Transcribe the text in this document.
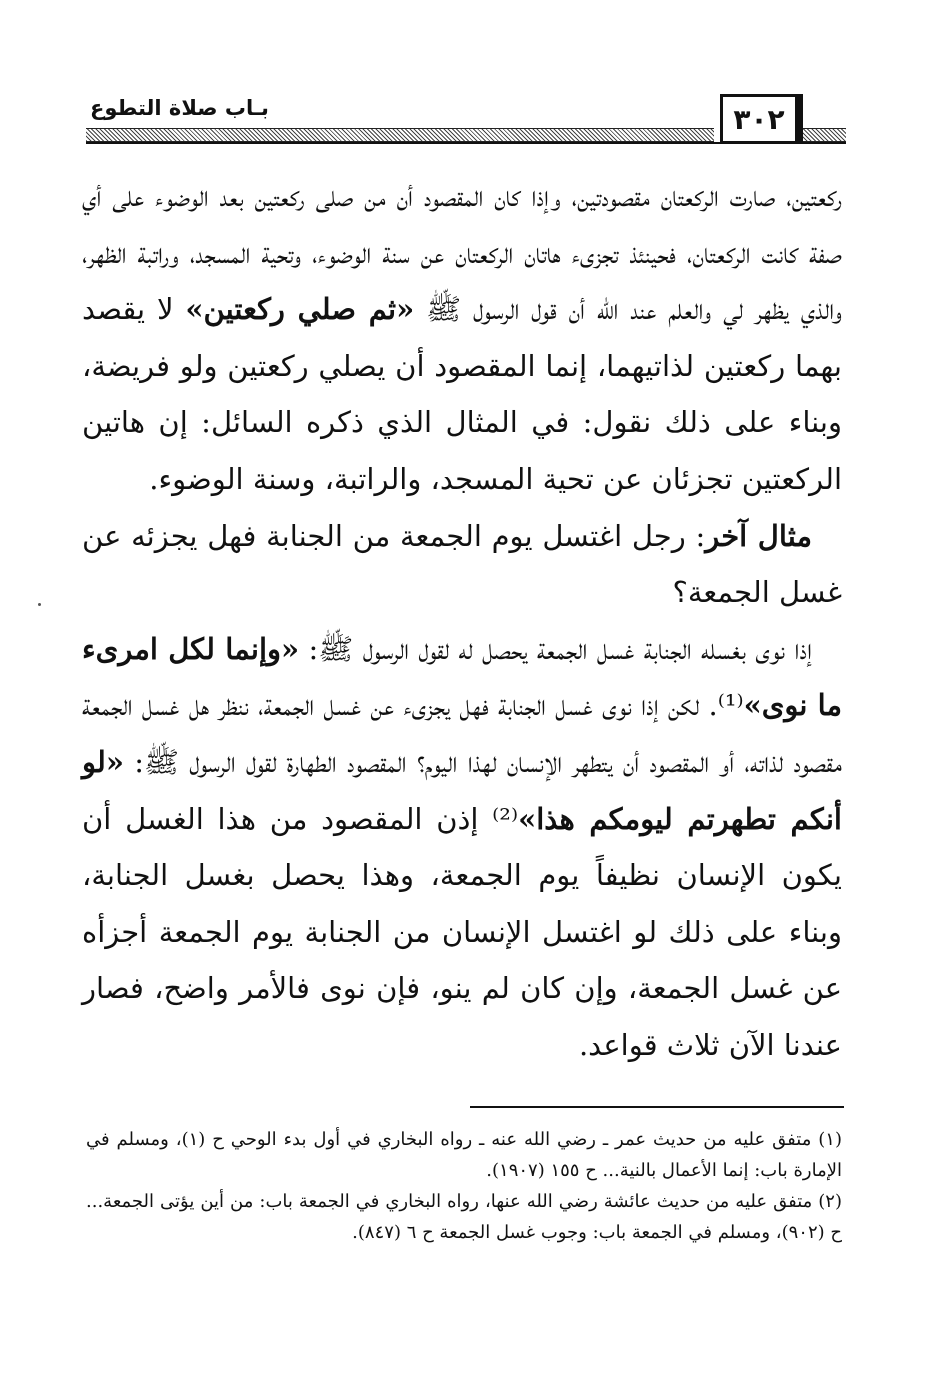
بـاب صلاة التطوع	٣٠٢

ركعتين، صارت الركعتان مقصودتين، وإذا كان المقصود أن من صلى ركعتين بعد الوضوء على أي صفة كانت الركعتان، فحينئذ تجزىء هاتان الركعتان عن سنة الوضوء، وتحية المسجد، وراتبة الظهر، والذي يظهر لي والعلم عند الله أن قول الرسول ﷺ «ثم صلي ركعتين» لا يقصد بهما ركعتين لذاتيهما، إنما المقصود أن يصلي ركعتين ولو فريضة، وبناء على ذلك نقول: في المثال الذي ذكره السائل: إن هاتين الركعتين تجزئان عن تحية المسجد، والراتبة، وسنة الوضوء.

مثال آخر: رجل اغتسل يوم الجمعة من الجنابة فهل يجزئه عن غسل الجمعة؟

إذا نوى بغسله الجنابة غسل الجمعة يحصل له لقول الرسول ﷺ: «وإنما لكل امرىء ما نوى»⁽¹⁾. لكن إذا نوى غسل الجنابة فهل يجزىء عن غسل الجمعة، ننظر هل غسل الجمعة مقصود لذاته، أو المقصود أن يتطهر الإنسان لهذا اليوم؟ المقصود الطهارة لقول الرسول ﷺ: «لو أنكم تطهرتم ليومكم هذا»⁽²⁾ إذن المقصود من هذا الغسل أن يكون الإنسان نظيفاً يوم الجمعة، وهذا يحصل بغسل الجنابة، وبناء على ذلك لو اغتسل الإنسان من الجنابة يوم الجمعة أجزأه عن غسل الجمعة، وإن كان لم ينو، فإن نوى فالأمر واضح، فصار عندنا الآن ثلاث قواعد.

(١) متفق عليه من حديث عمر ـ رضي الله عنه ـ رواه البخاري في أول بدء الوحي ح (١)، ومسلم في الإمارة باب: إنما الأعمال بالنية... ح ١٥٥ (١٩٠٧).

(٢) متفق عليه من حديث عائشة رضي الله عنها، رواه البخاري في الجمعة باب: من أين يؤتى الجمعة... ح (٩٠٢)، ومسلم في الجمعة باب: وجوب غسل الجمعة ح ٦ (٨٤٧).
